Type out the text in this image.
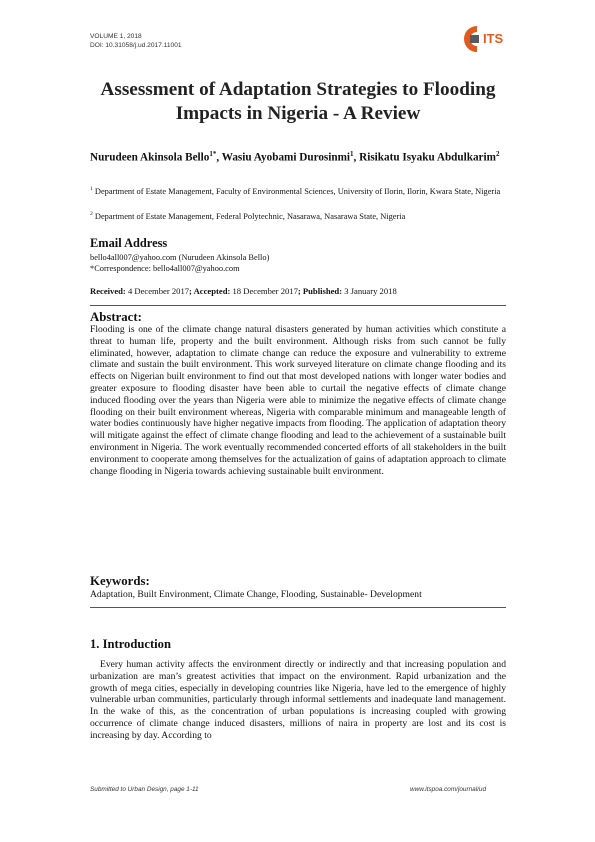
VOLUME 1, 2018
DOI: 10.31058/j.ud.2017.11001	ITS
Assessment of Adaptation Strategies to Flooding Impacts in Nigeria - A Review
Nurudeen Akinsola Bello$^{1*}$, Wasiu Ayobami Durosinmi$^1$, Risikatu Isyaku Abdulkarim$^2$
$^1$ Department of Estate Management, Faculty of Environmental Sciences, University of Ilorin, Ilorin, Kwara State, Nigeria
$^2$ Department of Estate Management, Federal Polytechnic, Nasarawa, Nasarawa State, Nigeria
Email Address
bello4all007@yahoo.com (Nurudeen Akinsola Bello)
*Correspondence: bello4all007@yahoo.com
Received: 4 December 2017; Accepted: 18 December 2017; Published: 3 January 2018
Abstract:

Flooding is one of the climate change natural disasters generated by human activities which constitute a threat to human life, property and the built environment. Although risks from such cannot be fully eliminated, however, adaptation to climate change can reduce the exposure and vulnerability to extreme climate and sustain the built environment. This work surveyed literature on climate change flooding and its effects on Nigerian built environment to find out that most developed nations with longer water bodies and greater exposure to flooding disaster have been able to curtail the negative effects of climate change induced flooding over the years than Nigeria were able to minimize the negative effects of climate change flooding on their built environment whereas, Nigeria with comparable minimum and manageable length of water bodies continuously have higher negative impacts from flooding. The application of adaptation theory will mitigate against the effect of climate change flooding and lead to the achievement of a sustainable built environment in Nigeria. The work eventually recommended concerted efforts of all stakeholders in the built environment to cooperate among themselves for the actualization of gains of adaptation approach to climate change flooding in Nigeria towards achieving sustainable built environment.

Keywords:
Adaptation, Built Environment, Climate Change, Flooding, Sustainable- Development
1. Introduction

Every human activity affects the environment directly or indirectly and that increasing population and urbanization are man’s greatest activities that impact on the environment. Rapid urbanization and the growth of mega cities, especially in developing countries like Nigeria, have led to the emergence of highly vulnerable urban communities, particularly through informal settlements and inadequate land management. In the wake of this, as the concentration of urban populations is increasing coupled with growing occurrence of climate change induced disasters, millions of naira in property are lost and its cost is increasing by day. According to

Submitted to Urban Design, page 1-11	www.itspoa.com/journal/ud
